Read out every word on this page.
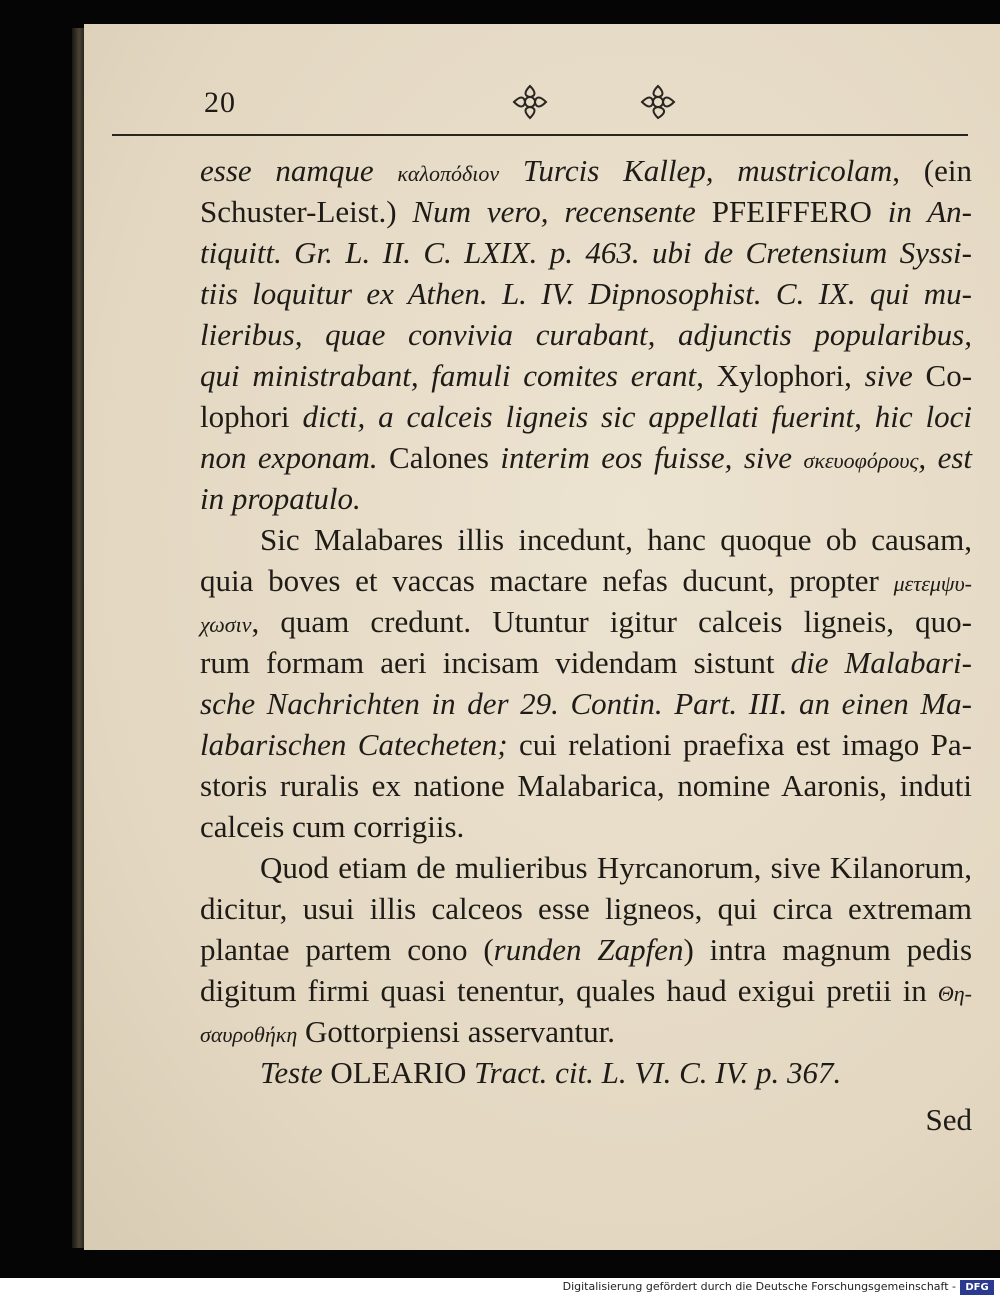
20
esse namque καλοπόδιον Turcis Kallep, mustricolam, (ein
Schuster-Leist.) Num vero, recensente PFEIFFERO in An-
tiquitt. Gr. L. II. C. LXIX. p. 463. ubi de Cretensium Syssi-
tiis loquitur ex Athen. L. IV. Dipnosophist. C. IX. qui mu-
lieribus, quae convivia curabant, adjunctis popularibus,
qui ministrabant, famuli comites erant, Xylophori, sive Co-
lophori dicti, a calceis ligneis sic appellati fuerint, hic loci
non exponam. Calones interim eos fuisse, sive σκευοφόρους, est
in propatulo.
Sic Malabares illis incedunt, hanc quoque ob causam,
quia boves et vaccas mactare nefas ducunt, propter μετεμψυ-
χωσιν, quam credunt. Utuntur igitur calceis ligneis, quo-
rum formam aeri incisam videndam sistunt die Malabari-
sche Nachrichten in der 29. Contin. Part. III. an einen Ma-
labarischen Catecheten; cui relationi praefixa est imago Pa-
storis ruralis ex natione Malabarica, nomine Aaronis, induti
calceis cum corrigiis.
Quod etiam de mulieribus Hyrcanorum, sive Kilanorum,
dicitur, usui illis calceos esse ligneos, qui circa extremam
plantae partem cono (runden Zapfen) intra magnum pedis
digitum firmi quasi tenentur, quales haud exigui pretii in Θη-
σαυροθήκη Gottorpiensi asservantur.
Teste OLEARIO Tract. cit. L. VI. C. IV. p. 367.
Sed
Digitalisierung gefördert durch die Deutsche Forschungsgemeinschaft - DFG
